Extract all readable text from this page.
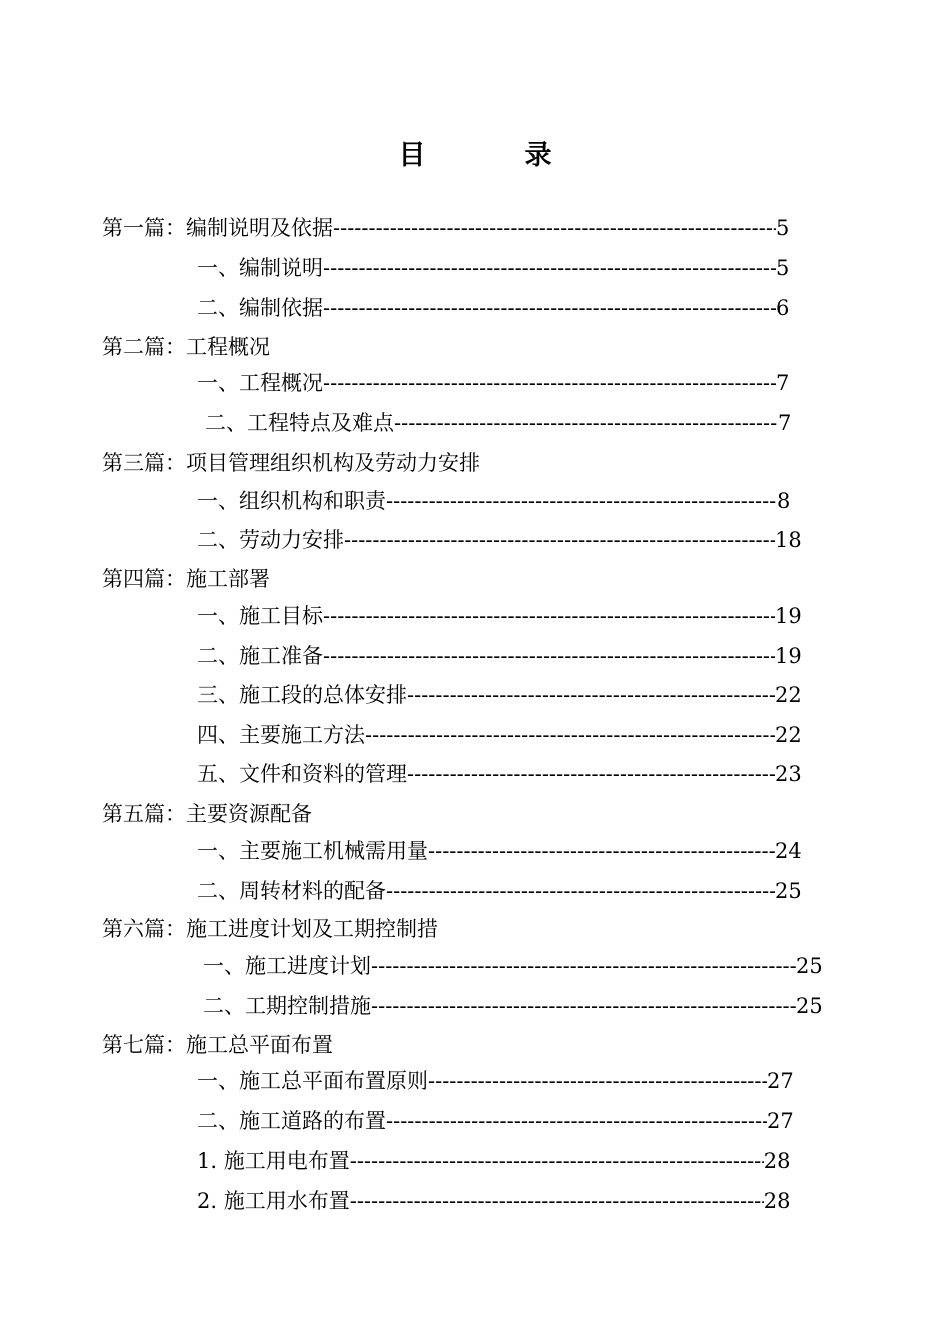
目　录
第一篇：编制说明及依据 -----	5
一、编制说明 -----	5
二、编制依据 -----	6
第二篇：工程概况
一、工程概况 -----	7
二、工程特点及难点 -----	7
第三篇：项目管理组织机构及劳动力安排
一、组织机构和职责 -----	8
二、劳动力安排 -----	18
第四篇：施工部署
一、施工目标 -----	19
二、施工准备 -----	19
三、施工段的总体安排 -----	22
四、主要施工方法 -----	22
五、文件和资料的管理 -----	23
第五篇：主要资源配备
一、主要施工机械需用量 -----	24
二、周转材料的配备 -----	25
第六篇：施工进度计划及工期控制措
一、施工进度计划 -----	25
二、工期控制措施 -----	25
第七篇：施工总平面布置
一、施工总平面布置原则 -----	27
二、施工道路的布置 -----	27
1. 施工用电布置 -----	28
2. 施工用水布置 -----	28
